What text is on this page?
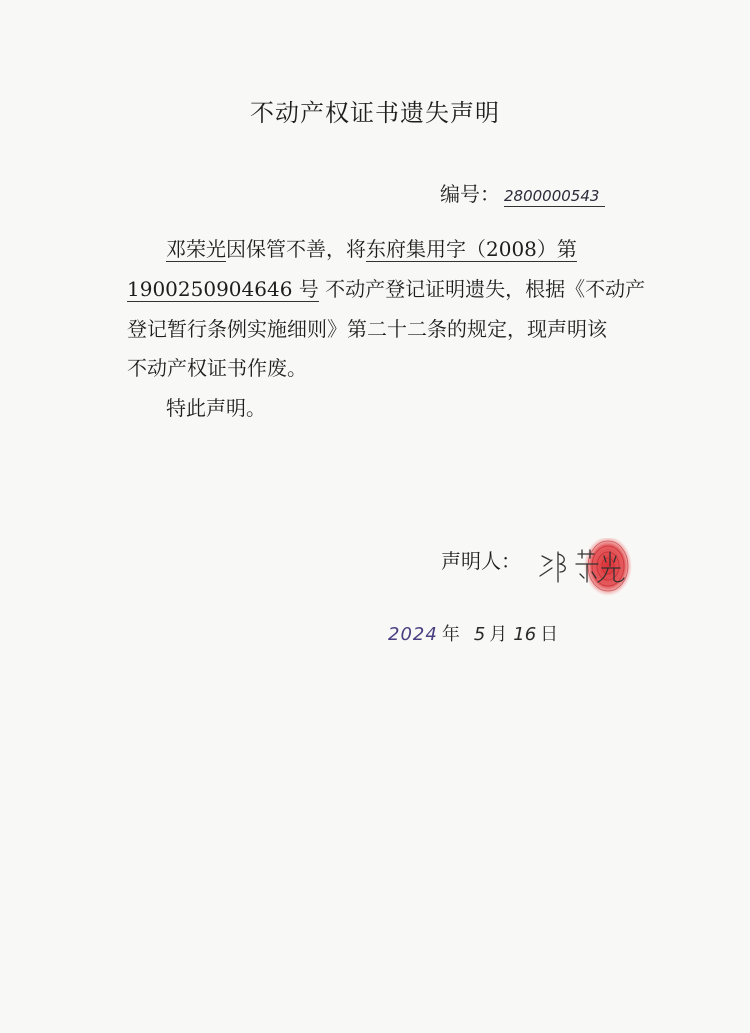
不动产权证书遗失声明
编号： 2800000543
邓荣光因保管不善，将东府集用字（2008）第
1900250904646 号 不动产登记证明遗失，根据《不动产
登记暂行条例实施细则》第二十二条的规定，现声明该
不动产权证书作废。
特此声明。
声明人：
2024 年 5 月 16 日
